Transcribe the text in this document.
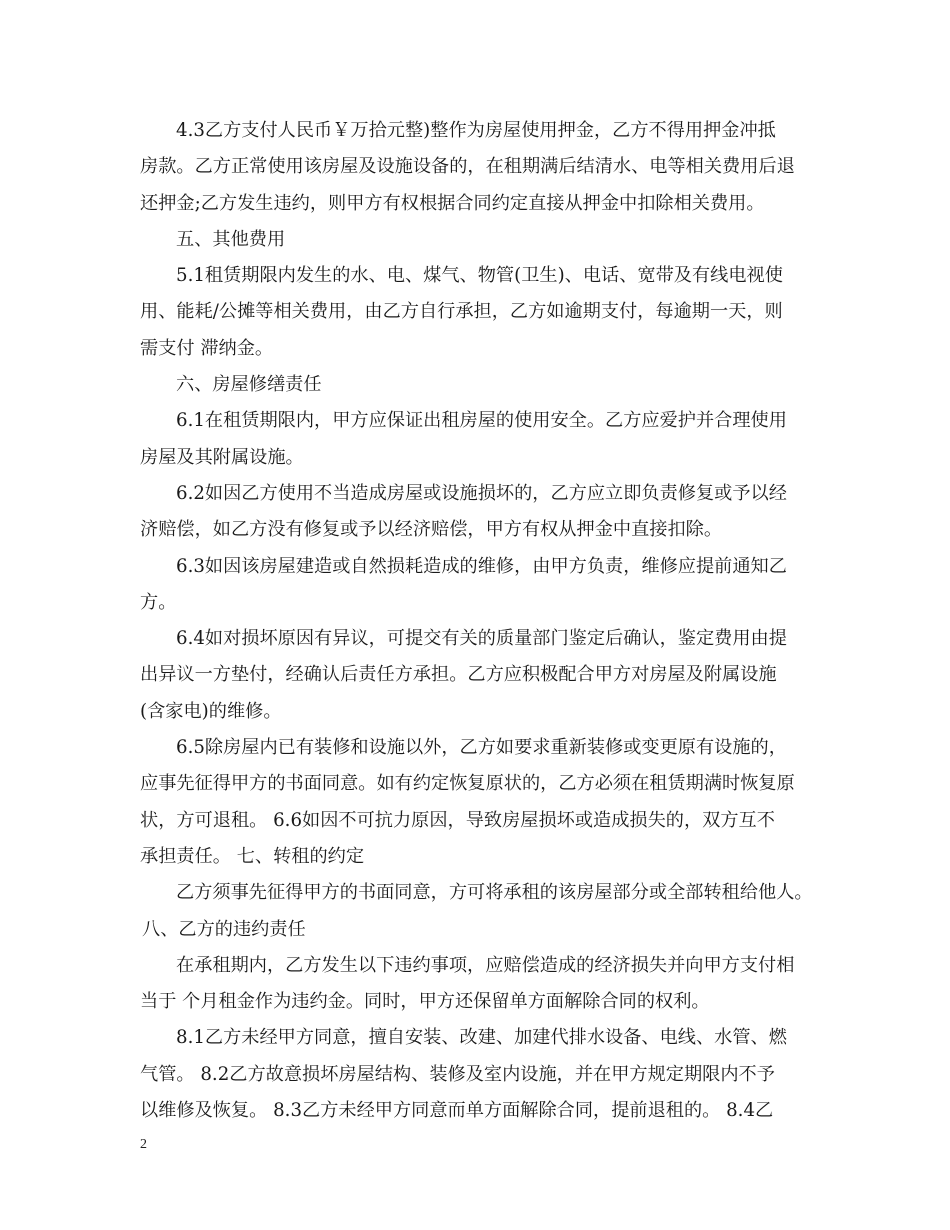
4.3乙方支付人民币￥万拾元整)整作为房屋使用押金，乙方不得用押金冲抵
房款。乙方正常使用该房屋及设施设备的，在租期满后结清水、电等相关费用后退
还押金;乙方发生违约，则甲方有权根据合同约定直接从押金中扣除相关费用。
五、其他费用
5.1租赁期限内发生的水、电、煤气、物管(卫生)、电话、宽带及有线电视使
用、能耗/公摊等相关费用，由乙方自行承担，乙方如逾期支付，每逾期一天，则
需支付 滞纳金。
六、房屋修缮责任
6.1在租赁期限内，甲方应保证出租房屋的使用安全。乙方应爱护并合理使用
房屋及其附属设施。
6.2如因乙方使用不当造成房屋或设施损坏的，乙方应立即负责修复或予以经
济赔偿，如乙方没有修复或予以经济赔偿，甲方有权从押金中直接扣除。
6.3如因该房屋建造或自然损耗造成的维修，由甲方负责，维修应提前通知乙
方。
6.4如对损坏原因有异议，可提交有关的质量部门鉴定后确认，鉴定费用由提
出异议一方垫付，经确认后责任方承担。乙方应积极配合甲方对房屋及附属设施
(含家电)的维修。
6.5除房屋内已有装修和设施以外，乙方如要求重新装修或变更原有设施的，
应事先征得甲方的书面同意。如有约定恢复原状的，乙方必须在租赁期满时恢复原
状，方可退租。 6.6如因不可抗力原因，导致房屋损坏或造成损失的，双方互不
承担责任。 七、转租的约定
乙方须事先征得甲方的书面同意，方可将承租的该房屋部分或全部转租给他人。
八、乙方的违约责任
在承租期内，乙方发生以下违约事项，应赔偿造成的经济损失并向甲方支付相
当于 个月租金作为违约金。同时，甲方还保留单方面解除合同的权利。
8.1乙方未经甲方同意，擅自安装、改建、加建代排水设备、电线、水管、燃
气管。 8.2乙方故意损坏房屋结构、装修及室内设施，并在甲方规定期限内不予
以维修及恢复。 8.3乙方未经甲方同意而单方面解除合同，提前退租的。 8.4乙
2
